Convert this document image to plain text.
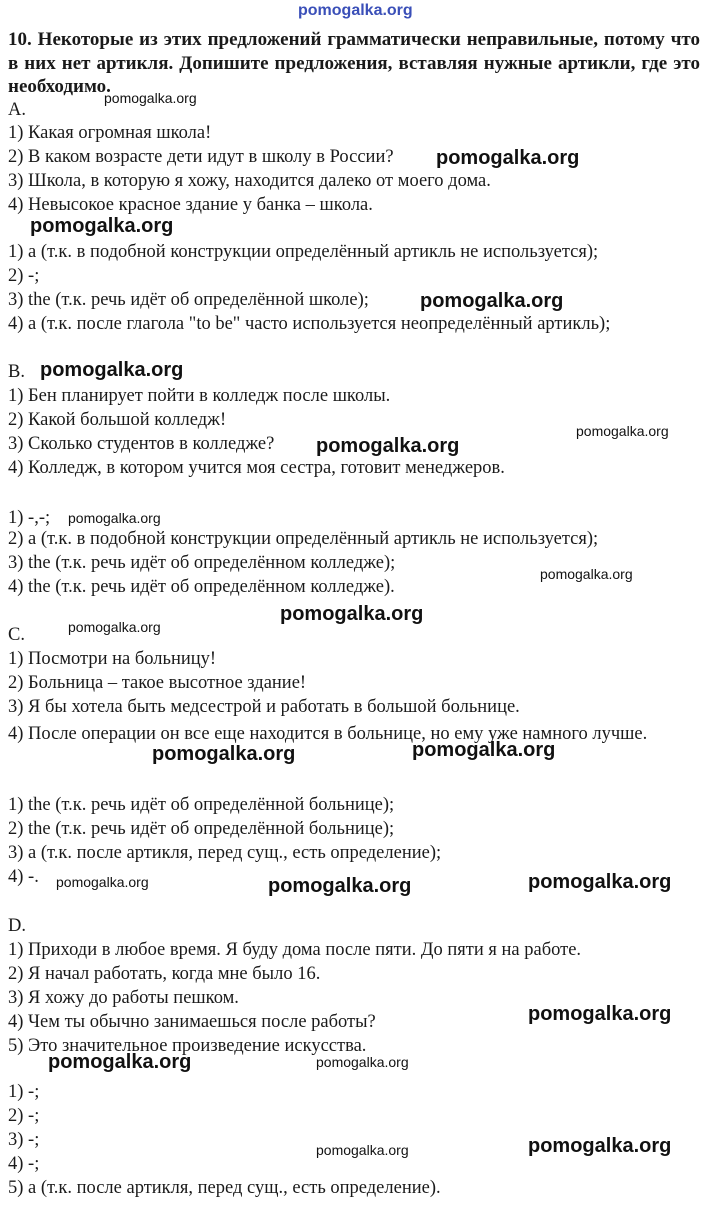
pomogalka.org
10. Некоторые из этих предложений грамматически неправильные, потому что в них нет артикля. Допишите предложения, вставляя нужные артикли, где это необходимо.
A.
1) Какая огромная школа!
2) В каком возрасте дети идут в школу в России?
3) Школа, в которую я хожу, находится далеко от моего дома.
4) Невысокое красное здание у банка – школа.
1) a (т.к. в подобной конструкции определённый артикль не используется);
2) -;
3) the (т.к. речь идёт об определённой школе);
4) a (т.к. после глагола "to be" часто используется неопределённый артикль);
B.
1) Бен планирует пойти в колледж после школы.
2) Какой большой колледж!
3) Сколько студентов в колледже?
4) Колледж, в котором учится моя сестра, готовит менеджеров.
1) -,-;
2) a (т.к. в подобной конструкции определённый артикль не используется);
3) the (т.к. речь идёт об определённом колледже);
4) the (т.к. речь идёт об определённом колледже).
C.
1) Посмотри на больницу!
2) Больница – такое высотное здание!
3) Я бы хотела быть медсестрой и работать в большой больнице.
4) После операции он все еще находится в больнице, но ему уже намного лучше.
1) the (т.к. речь идёт об определённой больнице);
2) the (т.к. речь идёт об определённой больнице);
3) a (т.к. после артикля, перед сущ., есть определение);
4) -.
D.
1) Приходи в любое время. Я буду дома после пяти. До пяти я на работе.
2) Я начал работать, когда мне было 16.
3) Я хожу до работы пешком.
4) Чем ты обычно занимаешься после работы?
5) Это значительное произведение искусства.
1) -;
2) -;
3) -;
4) -;
5) a (т.к. после артикля, перед сущ., есть определение).
pomogalka.org
pomogalka.org
pomogalka.org
pomogalka.org
pomogalka.org
pomogalka.org
pomogalka.org
pomogalka.org
pomogalka.org
pomogalka.org
pomogalka.org
pomogalka.org
pomogalka.org
pomogalka.org	pomogalka.org	pomogalka.org
pomogalka.org
pomogalka.org	pomogalka.org
pomogalka.org
pomogalka.org
